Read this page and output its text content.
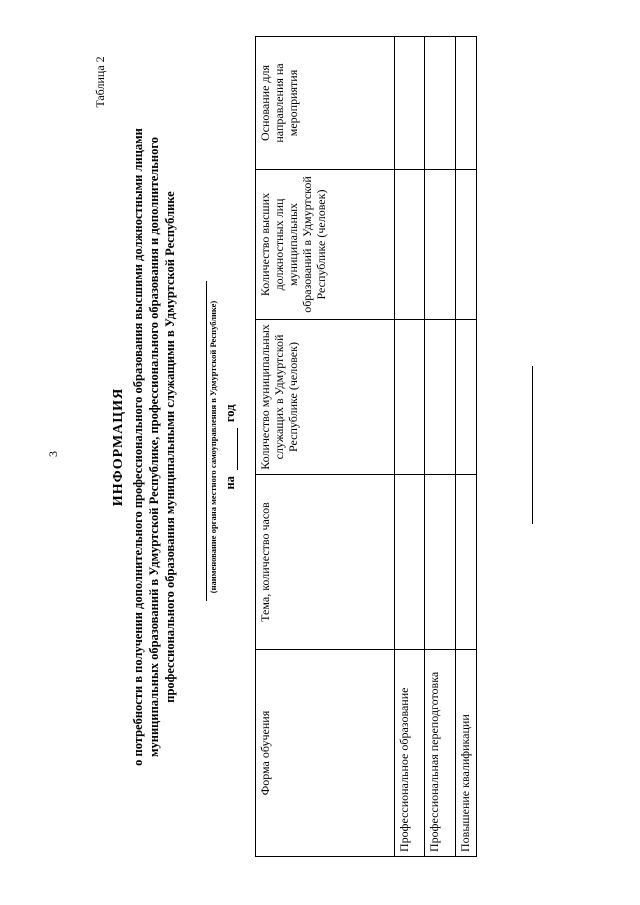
3
Таблица 2
ИНФОРМАЦИЯ о потребности в получении дополнительного профессионального образования высшими должностными лицами муниципальных образований в Удмуртской Республике, профессионального образования и дополнительного профессионального образования муниципальными служащими в Удмуртской Республике	(наименование органа местного самоуправления в Удмуртской Республике) нагод
Форма обучения	Тема, количество часов	Количество муниципальных служащих в Удмуртской Республике (человек)	Количество высших должностных лиц муниципальных образований в Удмуртской Республике (человек)	Основание для направления на мероприятия
Профессиональное образование				
Профессиональная переподготовка				
Повышение квалификации				
